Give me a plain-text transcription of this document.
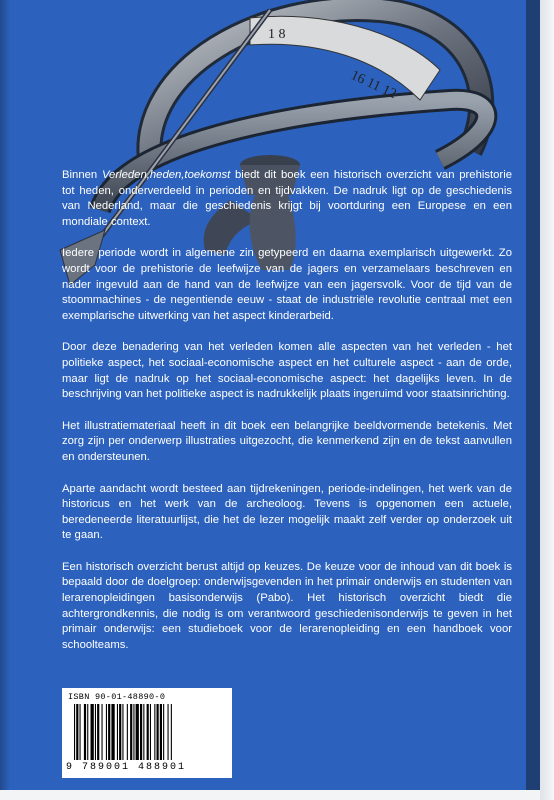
1 8
16 11 12

Binnen Verleden,heden,toekomst biedt dit boek een historisch overzicht van prehistorie tot heden, onderverdeeld in perioden en tijdvakken. De nadruk ligt op de geschiedenis van Nederland, maar die geschiedenis krijgt bij voortduring een Europese en een mondiale context.

Iedere periode wordt in algemene zin getypeerd en daarna exemplarisch uitgewerkt. Zo wordt voor de prehistorie de leefwijze van de jagers en verzamelaars beschreven en nader ingevuld aan de hand van de leefwijze van een jagersvolk. Voor de tijd van de stoommachines - de negentiende eeuw - staat de industriële revolutie centraal met een exemplarische uitwerking van het aspect kinderarbeid.

Door deze benadering van het verleden komen alle aspecten van het verleden - het politieke aspect, het sociaal-economische aspect en het culturele aspect - aan de orde, maar ligt de nadruk op het sociaal-economische aspect: het dagelijks leven. In de beschrijving van het politieke aspect is nadrukkelijk plaats ingeruimd voor staatsinrichting.

Het illustratiemateriaal heeft in dit boek een belangrijke beeldvormende betekenis. Met zorg zijn per onderwerp illustraties uitgezocht, die kenmerkend zijn en de tekst aanvullen en ondersteunen.

Aparte aandacht wordt besteed aan tijdrekeningen, periode-indelingen, het werk van de historicus en het werk van de archeoloog. Tevens is opgenomen een actuele, beredeneerde literatuurlijst, die het de lezer mogelijk maakt zelf verder op onderzoek uit te gaan.

Een historisch overzicht berust altijd op keuzes. De keuze voor de inhoud van dit boek is bepaald door de doelgroep: onderwijsgevenden in het primair onderwijs en studenten van lerarenopleidingen basisonderwijs (Pabo). Het historisch overzicht biedt die achtergrondkennis, die nodig is om verantwoord geschiedenisonderwijs te geven in het primair onderwijs: een studieboek voor de lerarenopleiding en een handboek voor schoolteams.

ISBN 90-01-48890-0
9 789001 488901
